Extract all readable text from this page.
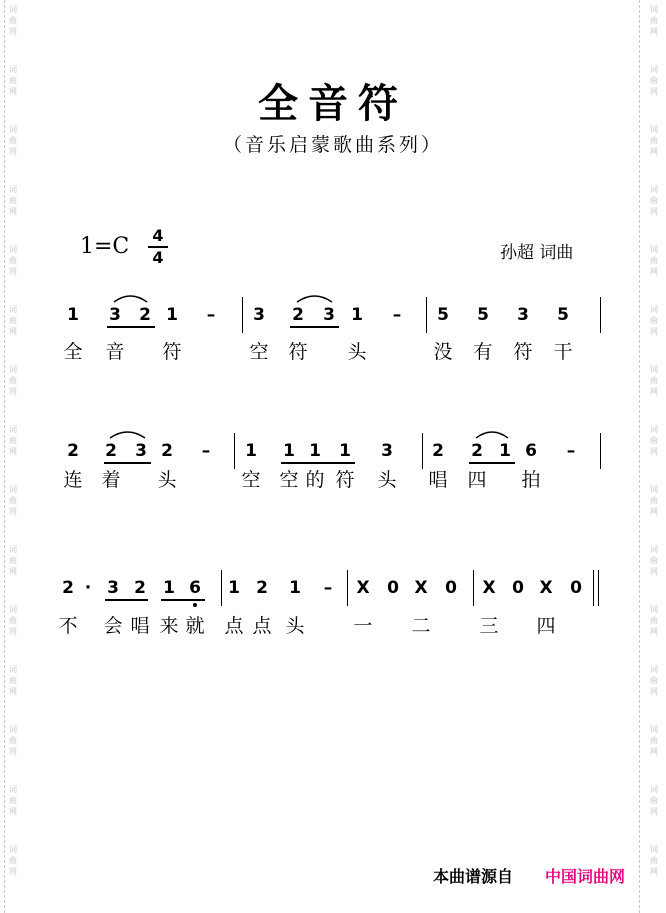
词
曲
网
词
曲
网
词
曲
网
词
曲
网
词
曲
网
词
曲
网
词
曲
网
词
曲
网
词
曲
网
词
曲
网
词
曲
网
词
曲
网
词
曲
网
词
曲
网
词
曲
网
词
曲
网
词
曲
网
词
曲
网
词
曲
网
词
曲
网
词
曲
网
词
曲
网
词
曲
网
词
曲
网
词
曲
网
词
曲
网
词
曲
网
词
曲
网
词
曲
网
词
曲
网
全音符
（音乐启蒙歌曲系列）
1=C 4
4	孙超 词曲
1 3 2 1 – 3 2 3 1 – 5 5 3 5
全 音 符	空 符 头	没 有 符 干
2 2 3 2 – 1 1 1 1 3 2 2 1 6 –
连 着 头	空 空 的 符 头 唱 四 拍
2 · 3 2 1 6 1 2 1 – X 0 X 0 X 0 X 0
不 会 唱 来 就 点 点 头	一 二	三 四
本曲谱源自 中国词曲网
